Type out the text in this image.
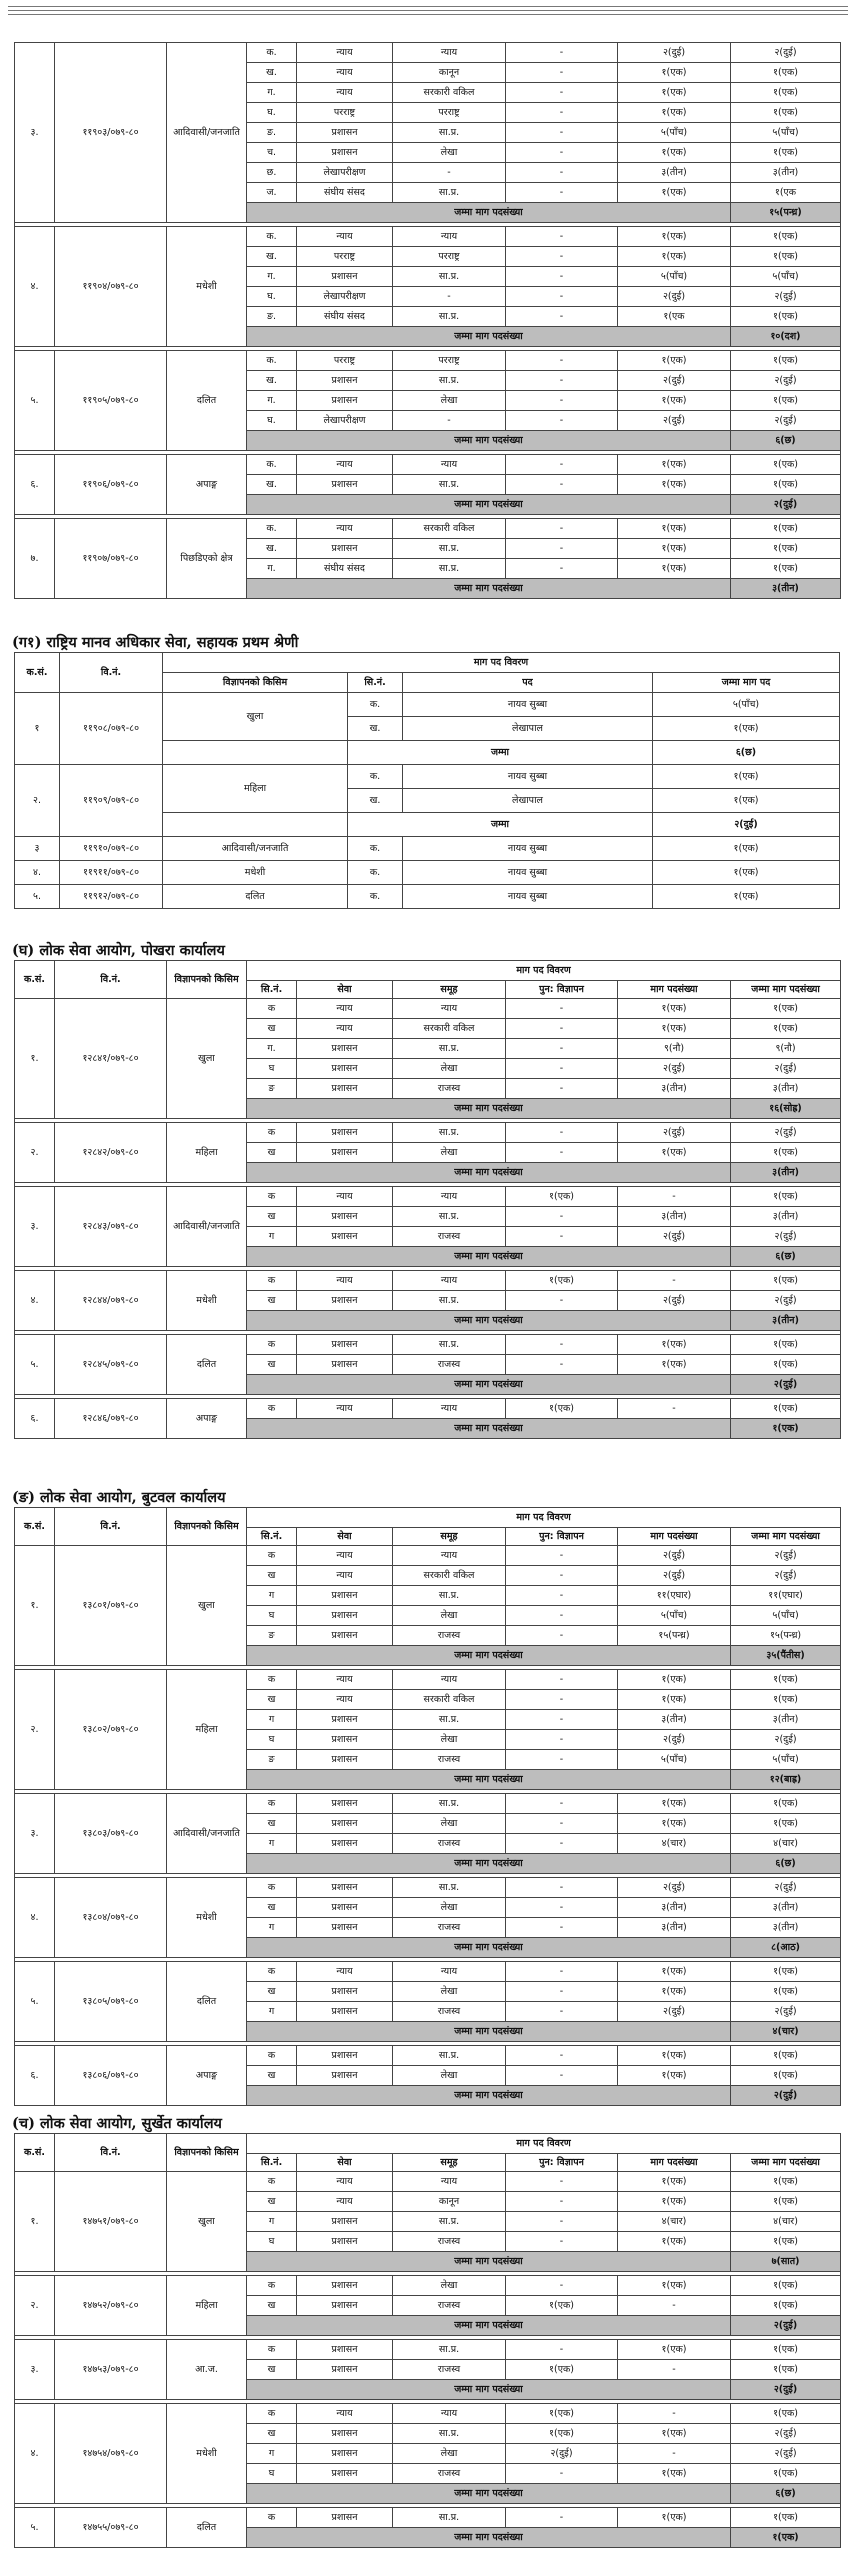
३.	११९०३/०७९-८०	आदिवासी/जनजाति	क.	न्याय	न्याय	-	२(दुई)	२(दुई)
			ख.	न्याय	कानून	-	१(एक)	१(एक)
			ग.	न्याय	सरकारी वकिल	-	१(एक)	१(एक)
			घ.	परराष्ट्र	परराष्ट्र	-	१(एक)	१(एक)
			ङ.	प्रशासन	सा.प्र.	-	५(पाँच)	५(पाँच)
			च.	प्रशासन	लेखा	-	१(एक)	१(एक)
			छ.	लेखापरीक्षण	-	-	३(तीन)	३(तीन)
			ज.	संघीय संसद	सा.प्र.	-	१(एक)	१(एक
			जम्मा माग पदसंख्या					१५(पन्ध्र)

४.	११९०४/०७९-८०	मधेशी	क.	न्याय	न्याय	-	१(एक)	१(एक)
			ख.	परराष्ट्र	परराष्ट्र	-	१(एक)	१(एक)
			ग.	प्रशासन	सा.प्र.	-	५(पाँच)	५(पाँच)
			घ.	लेखापरीक्षण	-	-	२(दुई)	२(दुई)
			ङ.	संघीय संसद	सा.प्र.	-	१(एक	१(एक)
			जम्मा माग पदसंख्या					१०(दश)

५.	११९०५/०७९-८०	दलित	क.	परराष्ट्र	परराष्ट्र	-	१(एक)	१(एक)
			ख.	प्रशासन	सा.प्र.	-	२(दुई)	२(दुई)
			ग.	प्रशासन	लेखा	-	१(एक)	१(एक)
			घ.	लेखापरीक्षण	-	-	२(दुई)	२(दुई)
			जम्मा माग पदसंख्या					६(छ)

६.	११९०६/०७९-८०	अपाङ्ग	क.	न्याय	न्याय	-	१(एक)	१(एक)
			ख.	प्रशासन	सा.प्र.	-	१(एक)	१(एक)
			जम्मा माग पदसंख्या					२(दुई)

७.	११९०७/०७९-८०	पिछडिएको क्षेत्र	क.	न्याय	सरकारी वकिल	-	१(एक)	१(एक)
			ख.	प्रशासन	सा.प्र.	-	१(एक)	१(एक)
			ग.	संघीय संसद	सा.प्र.	-	१(एक)	१(एक)
			जम्मा माग पदसंख्या					३(तीन)
(ग१) राष्ट्रिय मानव अधिकार सेवा, सहायक प्रथम श्रेणी
क.सं.	वि.नं.	माग पद विवरण			
		विज्ञापनको किसिम	सि.नं.	पद	जम्मा माग पद
१	११९०८/०७९-८०	खुला	क.	नायव सुब्बा	५(पाँच)
			ख.	लेखापाल	१(एक)
			जम्मा		६(छ)
२.	११९०९/०७९-८०	महिला	क.	नायव सुब्बा	१(एक)
			ख.	लेखापाल	१(एक)
			जम्मा		२(दुई)
३	११९१०/०७९-८०	आदिवासी/जनजाति	क.	नायव सुब्बा	१(एक)
४.	११९११/०७९-८०	मधेशी	क.	नायव सुब्बा	१(एक)
५.	११९१२/०७९-८०	दलित	क.	नायव सुब्बा	१(एक)
(घ) लोक सेवा आयोग, पोखरा कार्यालय
क.सं.	वि.नं.	विज्ञापनको किसिम	माग पद विवरण					
			सि.नं.	सेवा	समूह	पुन: विज्ञापन	माग पदसंख्या	जम्मा माग पदसंख्या
१.	१२८४१/०७९-८०	खुला	क	न्याय	न्याय	-	१(एक)	१(एक)
			ख	न्याय	सरकारी वकिल	-	१(एक)	१(एक)
			ग.	प्रशासन	सा.प्र.	-	९(नौ)	९(नौ)
			घ	प्रशासन	लेखा	-	२(दुई)	२(दुई)
			ङ	प्रशासन	राजस्व	-	३(तीन)	३(तीन)
			जम्मा माग पदसंख्या					१६(सोह्र)

२.	१२८४२/०७९-८०	महिला	क	प्रशासन	सा.प्र.	-	२(दुई)	२(दुई)
			ख	प्रशासन	लेखा	-	१(एक)	१(एक)
			जम्मा माग पदसंख्या					३(तीन)

३.	१२८४३/०७९-८०	आदिवासी/जनजाति	क	न्याय	न्याय	१(एक)	-	१(एक)
			ख	प्रशासन	सा.प्र.	-	३(तीन)	३(तीन)
			ग	प्रशासन	राजस्व	-	२(दुई)	२(दुई)
			जम्मा माग पदसंख्या					६(छ)

४.	१२८४४/०७९-८०	मधेशी	क	न्याय	न्याय	१(एक)	-	१(एक)
			ख	प्रशासन	सा.प्र.	-	२(दुई)	२(दुई)
			जम्मा माग पदसंख्या					३(तीन)

५.	१२८४५/०७९-८०	दलित	क	प्रशासन	सा.प्र.	-	१(एक)	१(एक)
			ख	प्रशासन	राजस्व	-	१(एक)	१(एक)
			जम्मा माग पदसंख्या					२(दुई)

६.	१२८४६/०७९-८०	अपाङ्ग	क	न्याय	न्याय	१(एक)	-	१(एक)
			जम्मा माग पदसंख्या					१(एक)
(ङ) लोक सेवा आयोग, बुटवल कार्यालय
क.सं.	वि.नं.	विज्ञापनको किसिम	माग पद विवरण					
			सि.नं.	सेवा	समूह	पुन: विज्ञापन	माग पदसंख्या	जम्मा माग पदसंख्या
१.	१३८०१/०७९-८०	खुला	क	न्याय	न्याय	-	२(दुई)	२(दुई)
			ख	न्याय	सरकारी वकिल	-	२(दुई)	२(दुई)
			ग	प्रशासन	सा.प्र.	-	११(एघार)	११(एघार)
			घ	प्रशासन	लेखा	-	५(पाँच)	५(पाँच)
			ङ	प्रशासन	राजस्व	-	१५(पन्ध्र)	१५(पन्ध्र)
			जम्मा माग पदसंख्या					३५(पैंतीस)

२.	१३८०२/०७९-८०	महिला	क	न्याय	न्याय	-	१(एक)	१(एक)
			ख	न्याय	सरकारी वकिल	-	१(एक)	१(एक)
			ग	प्रशासन	सा.प्र.	-	३(तीन)	३(तीन)
			घ	प्रशासन	लेखा	-	२(दुई)	२(दुई)
			ङ	प्रशासन	राजस्व	-	५(पाँच)	५(पाँच)
			जम्मा माग पदसंख्या					१२(बाह्र)

३.	१३८०३/०७९-८०	आदिवासी/जनजाति	क	प्रशासन	सा.प्र.	-	१(एक)	१(एक)
			ख	प्रशासन	लेखा	-	१(एक)	१(एक)
			ग	प्रशासन	राजस्व	-	४(चार)	४(चार)
			जम्मा माग पदसंख्या					६(छ)

४.	१३८०४/०७९-८०	मधेशी	क	प्रशासन	सा.प्र.	-	२(दुई)	२(दुई)
			ख	प्रशासन	लेखा	-	३(तीन)	३(तीन)
			ग	प्रशासन	राजस्व	-	३(तीन)	३(तीन)
			जम्मा माग पदसंख्या					८(आठ)

५.	१३८०५/०७९-८०	दलित	क	न्याय	न्याय	-	१(एक)	१(एक)
			ख	प्रशासन	लेखा	-	१(एक)	१(एक)
			ग	प्रशासन	राजस्व	-	२(दुई)	२(दुई)
			जम्मा माग पदसंख्या					४(चार)

६.	१३८०६/०७९-८०	अपाङ्ग	क	प्रशासन	सा.प्र.	-	१(एक)	१(एक)
			ख	प्रशासन	लेखा	-	१(एक)	१(एक)
			जम्मा माग पदसंख्या					२(दुई)
(च) लोक सेवा आयोग, सुर्खेत कार्यालय
क.सं.	वि.नं.	विज्ञापनको किसिम	माग पद विवरण					
			सि.नं.	सेवा	समूह	पुन: विज्ञापन	माग पदसंख्या	जम्मा माग पदसंख्या
१.	१४७५१/०७९-८०	खुला	क	न्याय	न्याय	-	१(एक)	१(एक)
			ख	न्याय	कानून	-	१(एक)	१(एक)
			ग	प्रशासन	सा.प्र.	-	४(चार)	४(चार)
			घ	प्रशासन	राजस्व	-	१(एक)	१(एक)
			जम्मा माग पदसंख्या					७(सात)

२.	१४७५२/०७९-८०	महिला	क	प्रशासन	लेखा	-	१(एक)	१(एक)
			ख	प्रशासन	राजस्व	१(एक)	-	१(एक)
			जम्मा माग पदसंख्या					२(दुई)

३.	१४७५३/०७९-८०	आ.ज.	क	प्रशासन	सा.प्र.	-	१(एक)	१(एक)
			ख	प्रशासन	राजस्व	१(एक)	-	१(एक)
			जम्मा माग पदसंख्या					२(दुई)

४.	१४७५४/०७९-८०	मधेशी	क	न्याय	न्याय	१(एक)	-	१(एक)
			ख	प्रशासन	सा.प्र.	१(एक)	१(एक)	२(दुई)
			ग	प्रशासन	लेखा	२(दुई)	-	२(दुई)
			घ	प्रशासन	राजस्व	-	१(एक)	१(एक)
			जम्मा माग पदसंख्या					६(छ)

५.	१४७५५/०७९-८०	दलित	क	प्रशासन	सा.प्र.	-	१(एक)	१(एक)
			जम्मा माग पदसंख्या					१(एक)
